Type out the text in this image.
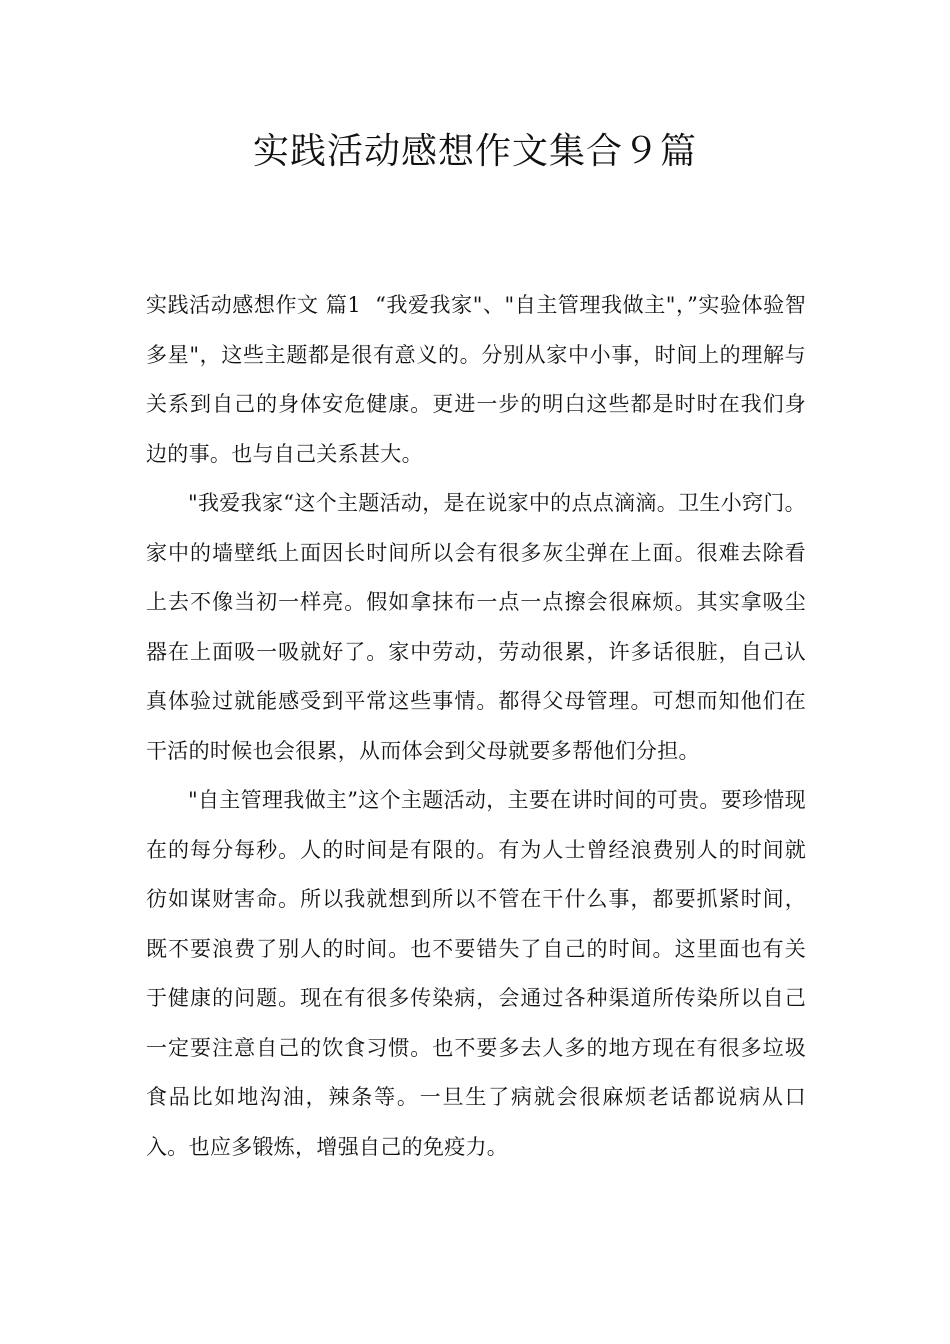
实践活动感想作文集合９篇

实践活动感想作文 篇1 “我爱我家"、"自主管理我做主"，”实验体验智多星"，这些主题都是很有意义的。分别从家中小事，时间上的理解与关系到自己的身体安危健康。更进一步的明白这些都是时时在我们身边的事。也与自己关系甚大。

"我爱我家“这个主题活动，是在说家中的点点滴滴。卫生小窍门。家中的墙壁纸上面因长时间所以会有很多灰尘弹在上面。很难去除看上去不像当初一样亮。假如拿抹布一点一点擦会很麻烦。其实拿吸尘器在上面吸一吸就好了。家中劳动，劳动很累，许多话很脏，自己认真体验过就能感受到平常这些事情。都得父母管理。可想而知他们在干活的时候也会很累，从而体会到父母就要多帮他们分担。

"自主管理我做主”这个主题活动，主要在讲时间的可贵。要珍惜现在的每分每秒。人的时间是有限的。有为人士曾经浪费别人的时间就彷如谋财害命。所以我就想到所以不管在干什么事，都要抓紧时间，既不要浪费了别人的时间。也不要错失了自己的时间。这里面也有关于健康的问题。现在有很多传染病，会通过各种渠道所传染所以自己一定要注意自己的饮食习惯。也不要多去人多的地方现在有很多垃圾食品比如地沟油，辣条等。一旦生了病就会很麻烦老话都说病从口入。也应多锻炼，增强自己的免疫力。
